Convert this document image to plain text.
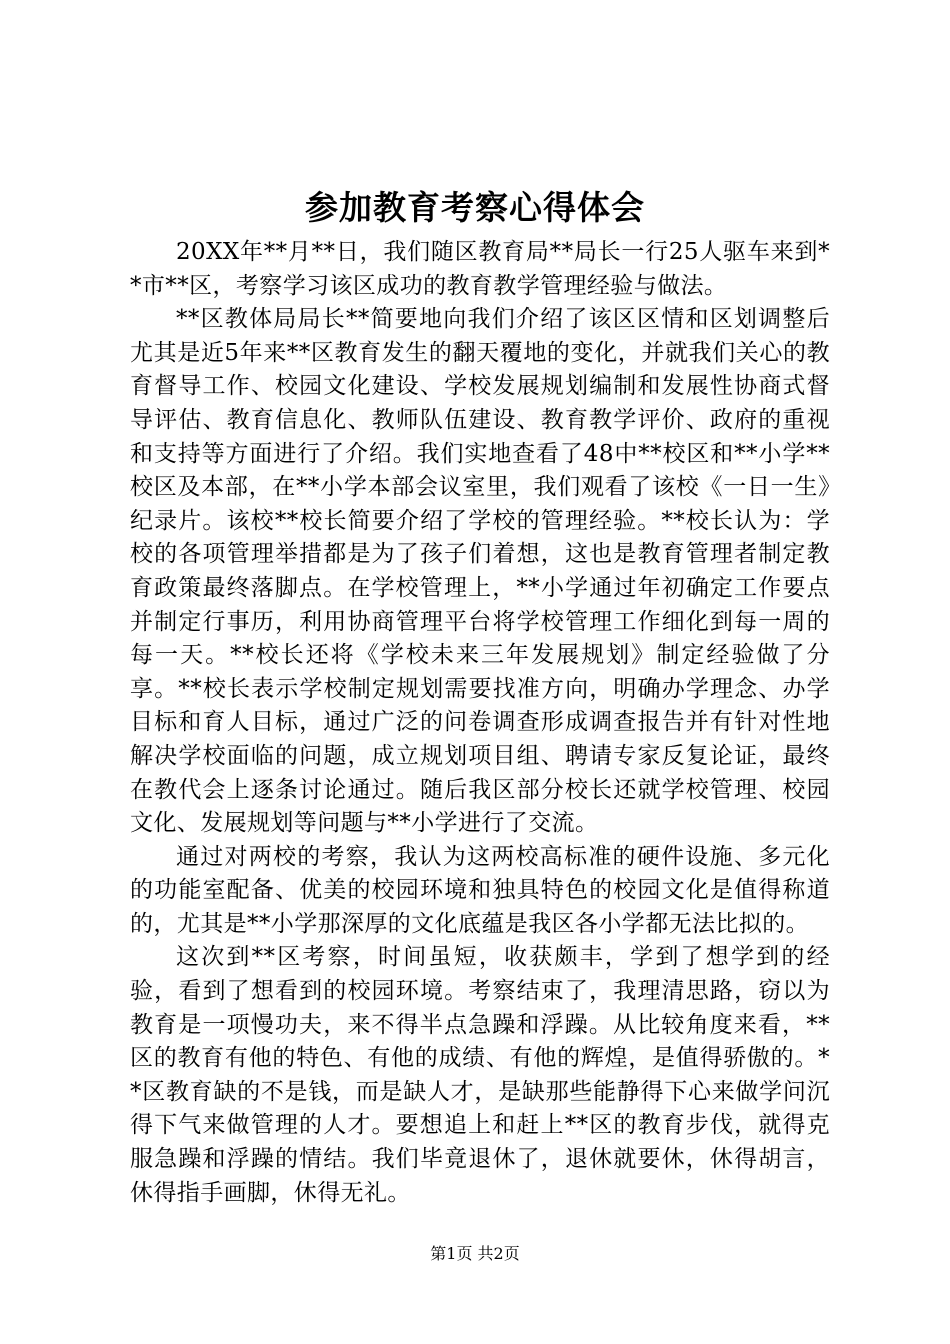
参加教育考察心得体会

20XX年**月**日，我们随区教育局**局长一行25人驱车来到**市**区，考察学习该区成功的教育教学管理经验与做法。

**区教体局局长**简要地向我们介绍了该区区情和区划调整后尤其是近5年来**区教育发生的翻天覆地的变化，并就我们关心的教育督导工作、校园文化建设、学校发展规划编制和发展性协商式督导评估、教育信息化、教师队伍建设、教育教学评价、政府的重视和支持等方面进行了介绍。我们实地查看了48中**校区和**小学**校区及本部，在**小学本部会议室里，我们观看了该校《一日一生》纪录片。该校**校长简要介绍了学校的管理经验。**校长认为：学校的各项管理举措都是为了孩子们着想，这也是教育管理者制定教育政策最终落脚点。在学校管理上，**小学通过年初确定工作要点并制定行事历，利用协商管理平台将学校管理工作细化到每一周的每一天。**校长还将《学校未来三年发展规划》制定经验做了分享。**校长表示学校制定规划需要找准方向，明确办学理念、办学目标和育人目标，通过广泛的问卷调查形成调查报告并有针对性地解决学校面临的问题，成立规划项目组、聘请专家反复论证，最终在教代会上逐条讨论通过。随后我区部分校长还就学校管理、校园文化、发展规划等问题与**小学进行了交流。

通过对两校的考察，我认为这两校高标准的硬件设施、多元化的功能室配备、优美的校园环境和独具特色的校园文化是值得称道的，尤其是**小学那深厚的文化底蕴是我区各小学都无法比拟的。

这次到**区考察，时间虽短，收获颇丰，学到了想学到的经验，看到了想看到的校园环境。考察结束了，我理清思路，窃以为教育是一项慢功夫，来不得半点急躁和浮躁。从比较角度来看，**区的教育有他的特色、有他的成绩、有他的辉煌，是值得骄傲的。**区教育缺的不是钱，而是缺人才，是缺那些能静得下心来做学问沉得下气来做管理的人才。要想追上和赶上**区的教育步伐，就得克服急躁和浮躁的情结。我们毕竟退休了，退休就要休，休得胡言，休得指手画脚，休得无礼。

第1页 共2页
